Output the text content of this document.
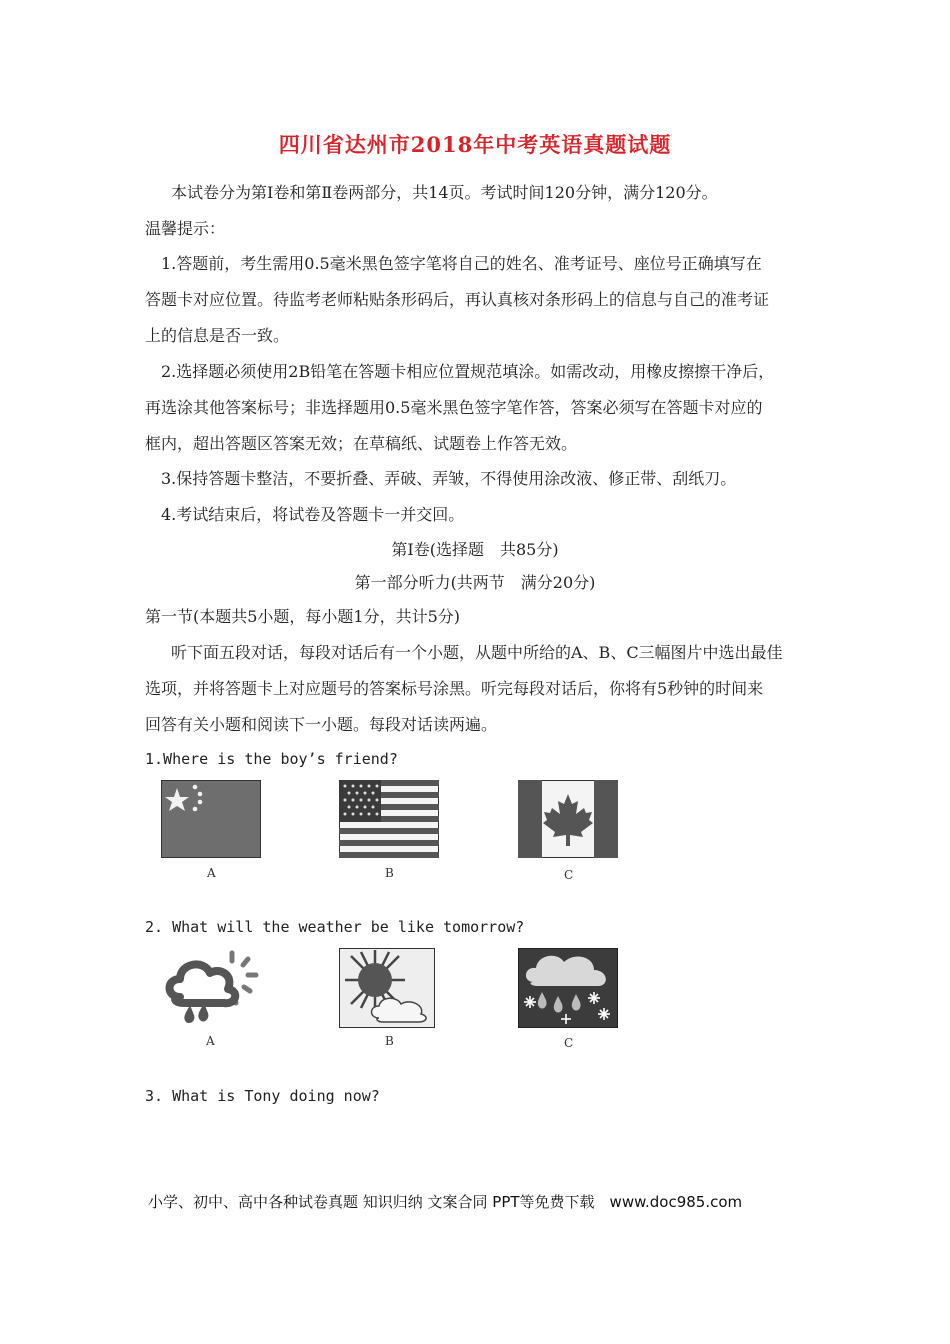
四川省达州市2018年中考英语真题试题
本试卷分为第Ⅰ卷和第Ⅱ卷两部分，共14页。考试时间120分钟，满分120分。
温馨提示：
1.答题前，考生需用0.5毫米黑色签字笔将自己的姓名、准考证号、座位号正确填写在
答题卡对应位置。待监考老师粘贴条形码后，再认真核对条形码上的信息与自己的准考证
上的信息是否一致。
2.选择题必须使用2B铅笔在答题卡相应位置规范填涂。如需改动，用橡皮擦擦干净后，
再选涂其他答案标号；非选择题用0.5毫米黑色签字笔作答，答案必须写在答题卡对应的
框内，超出答题区答案无效；在草稿纸、试题卷上作答无效。
3.保持答题卡整洁，不要折叠、弄破、弄皱，不得使用涂改液、修正带、刮纸刀。
4.考试结束后，将试卷及答题卡一并交回。
第Ⅰ卷(选择题　共85分)
第一部分听力(共两节　满分20分)
第一节(本题共5小题，每小题1分，共计5分)
听下面五段对话，每段对话后有一个小题，从题中所给的A、B、C三幅图片中选出最佳
选项，并将答题卡上对应题号的答案标号涂黑。听完每段对话后，你将有5秒钟的时间来
回答有关小题和阅读下一小题。每段对话读两遍。
1.Where is the boy’s friend?
A	B	C
2. What will the weather be like tomorrow?
A	B	C
3. What is Tony doing now?
小学、初中、高中各种试卷真题 知识归纳 文案合同 PPT等免费下载　www.doc985.com
